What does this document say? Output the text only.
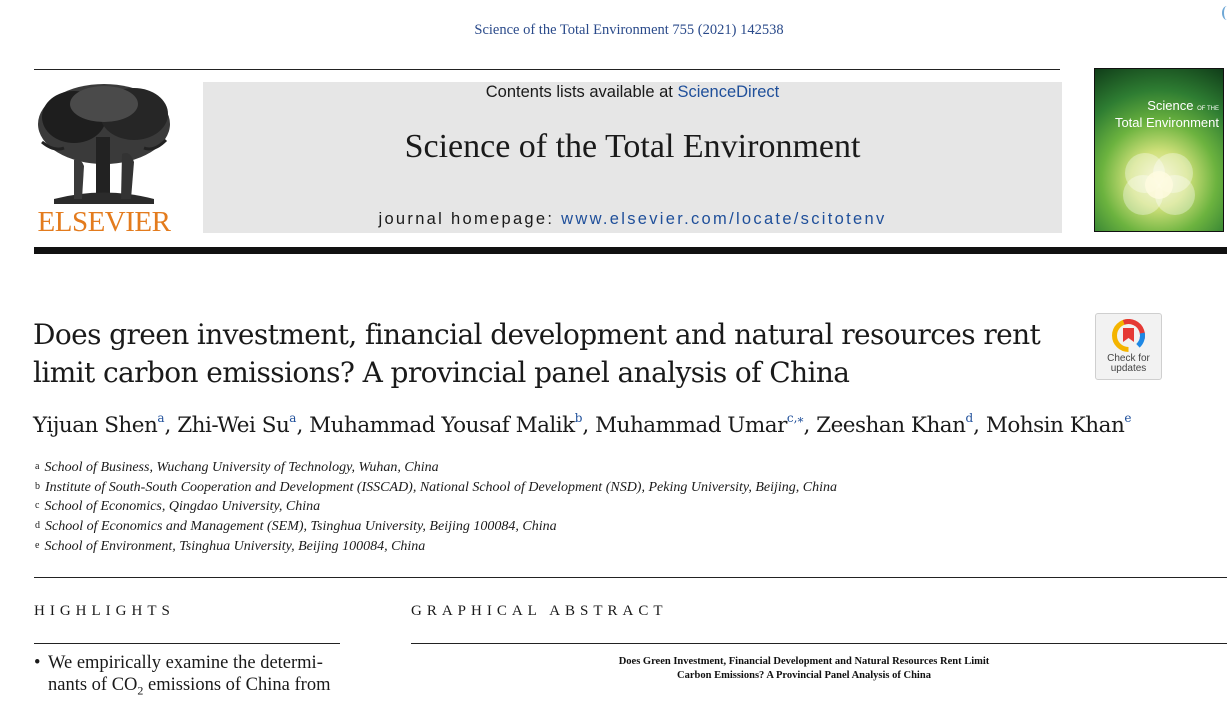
Science of the Total Environment 755 (2021) 142538
ELSEVIER
Contents lists available at ScienceDirect
Science of the Total Environment
journal homepage: www.elsevier.com/locate/scitotenv
Science OF THE
Total Environment
Does green investment, financial development and natural resources rent
limit carbon emissions? A provincial panel analysis of China	Check for
updates
Yijuan Shen$^a$, Zhi-Wei Su$^a$, Muhammad Yousaf Malik$^b$, Muhammad Umar$^{c,⁎}$, Zeeshan Khan$^d$, Mohsin Khan$^e$
$^a$ School of Business, Wuchang University of Technology, Wuhan, China
$^b$ Institute of South-South Cooperation and Development (ISSCAD), National School of Development (NSD), Peking University, Beijing, China
$^c$ School of Economics, Qingdao University, China
$^d$ School of Economics and Management (SEM), Tsinghua University, Beijing 100084, China
$^e$ School of Environment, Tsinghua University, Beijing 100084, China
HIGHLIGHTS	GRAPHICAL ABSTRACT
• We empirically examine the determi-
nants of $CO_2$ emissions of China from
Does Green Investment, Financial Development and Natural Resources Rent Limit
Carbon Emissions? A Provincial Panel Analysis of China
